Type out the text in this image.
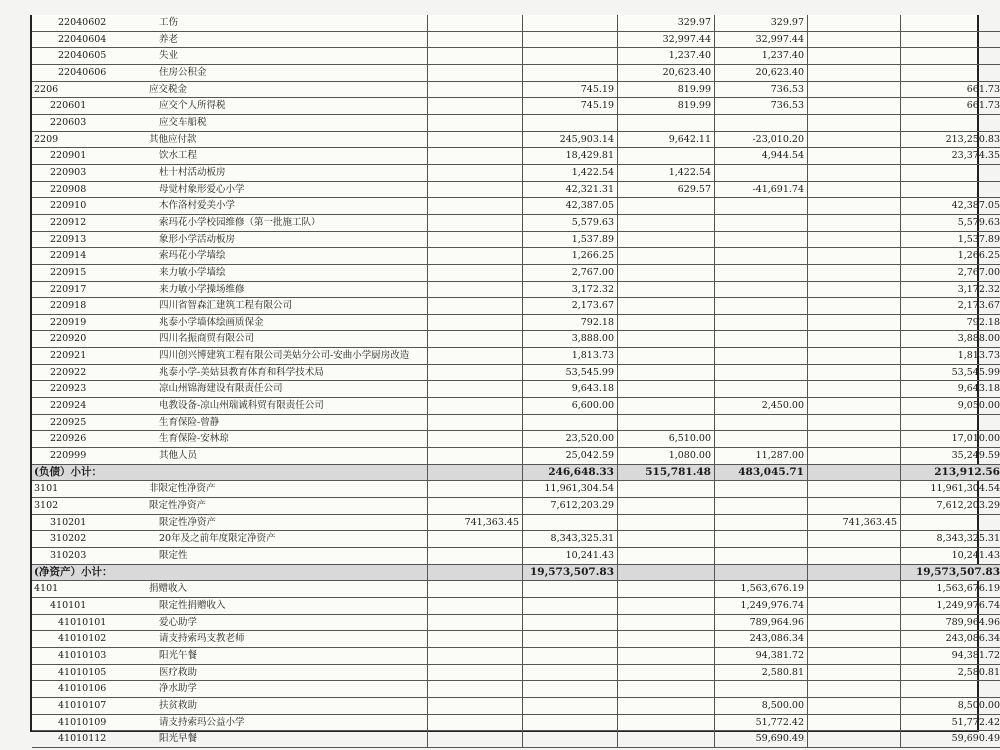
22040602	工伤			329.97	329.97		
22040604	养老			32,997.44	32,997.44		
22040605	失业			1,237.40	1,237.40		
22040606	住房公积金			20,623.40	20,623.40		
2206	应交税金		745.19	819.99	736.53		661.73
220601	应交个人所得税		745.19	819.99	736.53		661.73
220603	应交车船税						
2209	其他应付款		245,903.14	9,642.11	-23,010.20		213,250.83
220901	饮水工程		18,429.81		4,944.54		23,374.35
220903	杜十村活动板房		1,422.54	1,422.54			
220908	母觉村象形爱心小学		42,321.31	629.57	-41,691.74		
220910	木作洛村爱美小学		42,387.05				42,387.05
220912	索玛花小学校园维修（第一批施工队）		5,579.63				5,579.63
220913	象形小学活动板房		1,537.89				1,537.89
220914	索玛花小学墙绘		1,266.25				1,266.25
220915	来力敏小学墙绘		2,767.00				2,767.00
220917	来力敏小学操场维修		3,172.32				3,172.32
220918	四川省智森汇建筑工程有限公司		2,173.67				2,173.67
220919	兆泰小学墙体绘画质保金		792.18				792.18
220920	四川名振商贸有限公司		3,888.00				3,888.00
220921	四川创兴博建筑工程有限公司美姑分公司-安曲小学厨房改造		1,813.73				1,813.73
220922	兆泰小学-美姑县教育体育和科学技术局		53,545.99				53,545.99
220923	凉山州锦海建设有限责任公司		9,643.18				9,643.18
220924	电教设备-凉山州瑞诚科贸有限责任公司		6,600.00		2,450.00		9,050.00
220925	生育保险-曾静						
220926	生育保险-安林琼		23,520.00	6,510.00			17,010.00
220999	其他人员		25,042.59	1,080.00	11,287.00		35,249.59
(负债）小计：			246,648.33	515,781.48	483,045.71		213,912.56
3101	非限定性净资产		11,961,304.54				11,961,304.54
3102	限定性净资产		7,612,203.29				7,612,203.29
310201	限定性净资产	741,363.45				741,363.45	
310202	20年及之前年度限定净资产		8,343,325.31				8,343,325.31
310203	限定性		10,241.43				10,241.43
(净资产）小计：			19,573,507.83				19,573,507.83
4101	捐赠收入				1,563,676.19		1,563,676.19
410101	限定性捐赠收入				1,249,976.74		1,249,976.74
41010101	爱心助学				789,964.96		789,964.96
41010102	请支持索玛支教老师				243,086.34		243,086.34
41010103	阳光午餐				94,381.72		94,381.72
41010105	医疗救助				2,580.81		2,580.81
41010106	净水助学						
41010107	扶贫救助				8,500.00		8,500.00
41010109	请支持索玛公益小学				51,772.42		51,772.42
41010112	阳光早餐				59,690.49		59,690.49
